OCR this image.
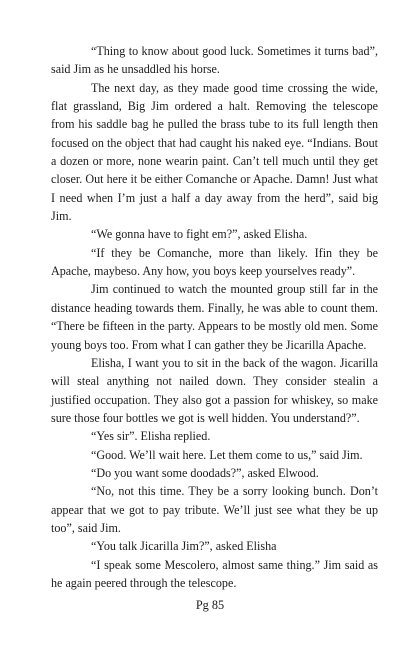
“Thing to know about good luck. Sometimes it turns bad”, said Jim as he unsaddled his horse.

The next day, as they made good time crossing the wide, flat grassland, Big Jim ordered a halt. Removing the telescope from his saddle bag he pulled the brass tube to its full length then focused on the object that had caught his naked eye. “Indians. Bout a dozen or more, none wearin paint. Can’t tell much until they get closer. Out here it be either Comanche or Apache. Damn! Just what I need when I’m just a half a day away from the herd”, said big Jim.

“We gonna have to fight em?”, asked Elisha.

“If they be Comanche, more than likely. Ifin they be Apache, maybeso. Any how, you boys keep yourselves ready”.

Jim continued to watch the mounted group still far in the distance heading towards them. Finally, he was able to count them. “There be fifteen in the party. Appears to be mostly old men. Some young boys too. From what I can gather they be Jicarilla Apache.

Elisha, I want you to sit in the back of the wagon. Jicarilla will steal anything not nailed down. They consider stealin a justified occupation. They also got a passion for whiskey, so make sure those four bottles we got is well hidden. You understand?”.

“Yes sir”. Elisha replied.

“Good. We’ll wait here. Let them come to us,” said Jim.

“Do you want some doodads?”, asked Elwood.

“No, not this time. They be a sorry looking bunch. Don’t appear that we got to pay tribute. We’ll just see what they be up too”, said Jim.

“You talk Jicarilla Jim?”, asked Elisha

“I speak some Mescolero, almost same thing.” Jim said as he again peered through the telescope.

Pg 85
